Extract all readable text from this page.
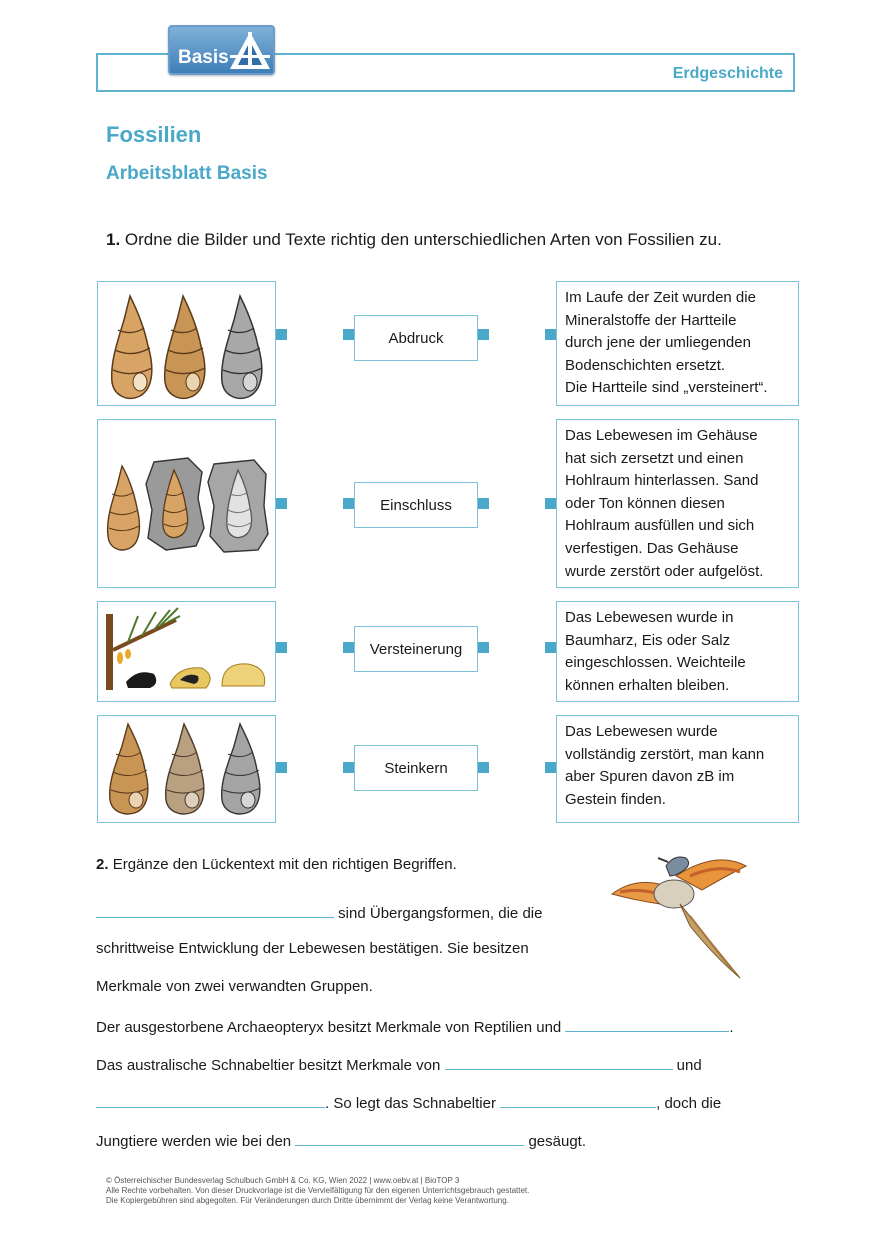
Erdgeschichte
Basis
Fossilien
Arbeitsblatt Basis
1. Ordne die Bilder und Texte richtig den unterschiedlichen Arten von Fossilien zu.
Abdruck
Im Laufe der Zeit wurden die
Mineralstoffe der Hartteile
durch jene der umliegenden
Bodenschichten ersetzt.
Die Hartteile sind „versteinert“.
Einschluss
Das Lebewesen im Gehäuse
hat sich zersetzt und einen
Hohlraum hinterlassen. Sand
oder Ton können diesen
Hohlraum ausfüllen und sich
verfestigen. Das Gehäuse
wurde zerstört oder aufgelöst.
Versteinerung
Das Lebewesen wurde in
Baumharz, Eis oder Salz
eingeschlossen. Weichteile
können erhalten bleiben.
Steinkern
Das Lebewesen wurde
vollständig zerstört, man kann
aber Spuren davon zB im
Gestein finden.
2. Ergänze den Lückentext mit den richtigen Begriffen.
sind Übergangsformen, die die
schrittweise Entwicklung der Lebewesen bestätigen. Sie besitzen
Merkmale von zwei verwandten Gruppen.
Der ausgestorbene Archaeopteryx besitzt Merkmale von Reptilien und	.
Das australische Schnabeltier besitzt Merkmale von	und
. So legt das Schnabeltier	, doch die
Jungtiere werden wie bei den	gesäugt.
© Österreichischer Bundesverlag Schulbuch GmbH & Co. KG, Wien 2022 | www.oebv.at | BioTOP 3
Alle Rechte vorbehalten. Von dieser Druckvorlage ist die Vervielfältigung für den eigenen Unterrichtsgebrauch gestattet.
Die Kopiergebühren sind abgegolten. Für Veränderungen durch Dritte übernimmt der Verlag keine Verantwortung.
